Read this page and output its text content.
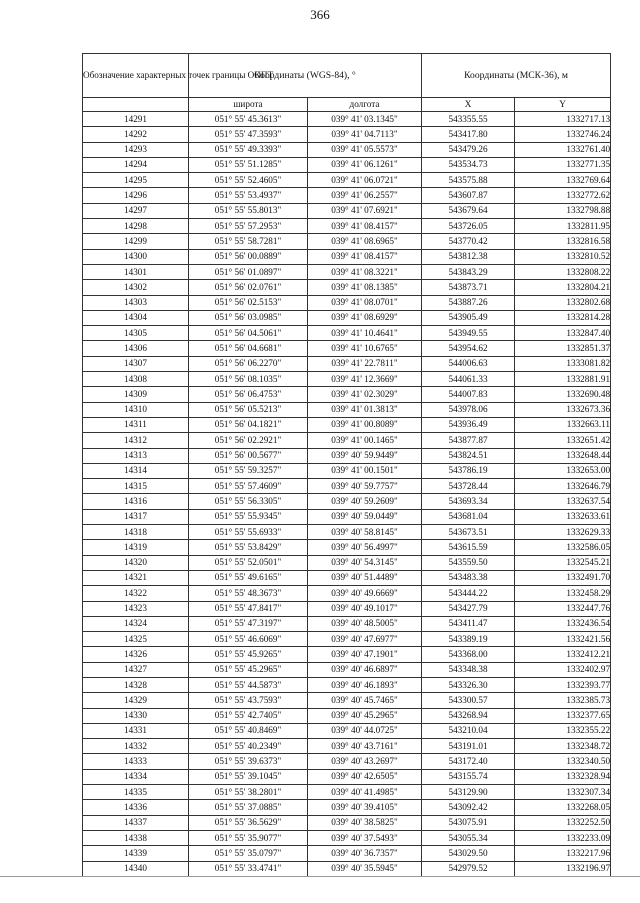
366
Обозначение характерных точек границы ООПТ	Координаты (WGS-84), °		Координаты (МСК-36), м	
	широта	долгота	X	Y
14291	051° 55' 45.3613"	039° 41' 03.1345"	543355.55	1332717.13
14292	051° 55' 47.3593"	039° 41' 04.7113"	543417.80	1332746.24
14293	051° 55' 49.3393"	039° 41' 05.5573"	543479.26	1332761.40
14294	051° 55' 51.1285"	039° 41' 06.1261"	543534.73	1332771.35
14295	051° 55' 52.4605"	039° 41' 06.0721"	543575.88	1332769.64
14296	051° 55' 53.4937"	039° 41' 06.2557"	543607.87	1332772.62
14297	051° 55' 55.8013"	039° 41' 07.6921"	543679.64	1332798.88
14298	051° 55' 57.2953"	039° 41' 08.4157"	543726.05	1332811.95
14299	051° 55' 58.7281"	039° 41' 08.6965"	543770.42	1332816.58
14300	051° 56' 00.0889"	039° 41' 08.4157"	543812.38	1332810.52
14301	051° 56' 01.0897"	039° 41' 08.3221"	543843.29	1332808.22
14302	051° 56' 02.0761"	039° 41' 08.1385"	543873.71	1332804.21
14303	051° 56' 02.5153"	039° 41' 08.0701"	543887.26	1332802.68
14304	051° 56' 03.0985"	039° 41' 08.6929"	543905.49	1332814.28
14305	051° 56' 04.5061"	039° 41' 10.4641"	543949.55	1332847.40
14306	051° 56' 04.6681"	039° 41' 10.6765"	543954.62	1332851.37
14307	051° 56' 06.2270"	039° 41' 22.7811"	544006.63	1333081.82
14308	051° 56' 08.1035"	039° 41' 12.3669"	544061.33	1332881.91
14309	051° 56' 06.4753"	039° 41' 02.3029"	544007.83	1332690.48
14310	051° 56' 05.5213"	039° 41' 01.3813"	543978.06	1332673.36
14311	051° 56' 04.1821"	039° 41' 00.8089"	543936.49	1332663.11
14312	051° 56' 02.2921"	039° 41' 00.1465"	543877.87	1332651.42
14313	051° 56' 00.5677"	039° 40' 59.9449"	543824.51	1332648.44
14314	051° 55' 59.3257"	039° 41' 00.1501"	543786.19	1332653.00
14315	051° 55' 57.4609"	039° 40' 59.7757"	543728.44	1332646.79
14316	051° 55' 56.3305"	039° 40' 59.2609"	543693.34	1332637.54
14317	051° 55' 55.9345"	039° 40' 59.0449"	543681.04	1332633.61
14318	051° 55' 55.6933"	039° 40' 58.8145"	543673.51	1332629.33
14319	051° 55' 53.8429"	039° 40' 56.4997"	543615.59	1332586.05
14320	051° 55' 52.0501"	039° 40' 54.3145"	543559.50	1332545.21
14321	051° 55' 49.6165"	039° 40' 51.4489"	543483.38	1332491.70
14322	051° 55' 48.3673"	039° 40' 49.6669"	543444.22	1332458.29
14323	051° 55' 47.8417"	039° 40' 49.1017"	543427.79	1332447.76
14324	051° 55' 47.3197"	039° 40' 48.5005"	543411.47	1332436.54
14325	051° 55' 46.6069"	039° 40' 47.6977"	543389.19	1332421.56
14326	051° 55' 45.9265"	039° 40' 47.1901"	543368.00	1332412.21
14327	051° 55' 45.2965"	039° 40' 46.6897"	543348.38	1332402.97
14328	051° 55' 44.5873"	039° 40' 46.1893"	543326.30	1332393.77
14329	051° 55' 43.7593"	039° 40' 45.7465"	543300.57	1332385.73
14330	051° 55' 42.7405"	039° 40' 45.2965"	543268.94	1332377.65
14331	051° 55' 40.8469"	039° 40' 44.0725"	543210.04	1332355.22
14332	051° 55' 40.2349"	039° 40' 43.7161"	543191.01	1332348.72
14333	051° 55' 39.6373"	039° 40' 43.2697"	543172.40	1332340.50
14334	051° 55' 39.1045"	039° 40' 42.6505"	543155.74	1332328.94
14335	051° 55' 38.2801"	039° 40' 41.4985"	543129.90	1332307.34
14336	051° 55' 37.0885"	039° 40' 39.4105"	543092.42	1332268.05
14337	051° 55' 36.5629"	039° 40' 38.5825"	543075.91	1332252.50
14338	051° 55' 35.9077"	039° 40' 37.5493"	543055.34	1332233.09
14339	051° 55' 35.0797"	039° 40' 36.7357"	543029.50	1332217.96
14340	051° 55' 33.4741"	039° 40' 35.5945"	542979.52	1332196.97
